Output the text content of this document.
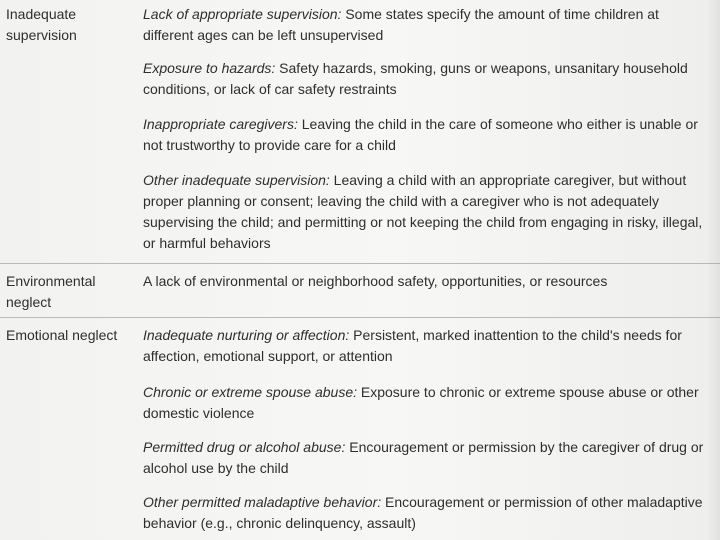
Inadequate supervision

Lack of appropriate supervision: Some states specify the amount of time children at different ages can be left unsupervised

Exposure to hazards: Safety hazards, smoking, guns or weapons, unsanitary household conditions, or lack of car safety restraints

Inappropriate caregivers: Leaving the child in the care of someone who either is unable or not trustworthy to provide care for a child

Other inadequate supervision: Leaving a child with an appropriate caregiver, but without proper planning or consent; leaving the child with a caregiver who is not adequately supervising the child; and permitting or not keeping the child from engaging in risky, illegal, or harmful behaviors

Environmental neglect

A lack of environmental or neighborhood safety, opportunities, or resources

Emotional neglect	Inadequate nurturing or affection: Persistent, marked inattention to the child's needs for affection, emotional support, or attention

Chronic or extreme spouse abuse: Exposure to chronic or extreme spouse abuse or other domestic violence

Permitted drug or alcohol abuse: Encouragement or permission by the caregiver of drug or alcohol use by the child

Other permitted maladaptive behavior: Encouragement or permission of other maladaptive behavior (e.g., chronic delinquency, assault)
